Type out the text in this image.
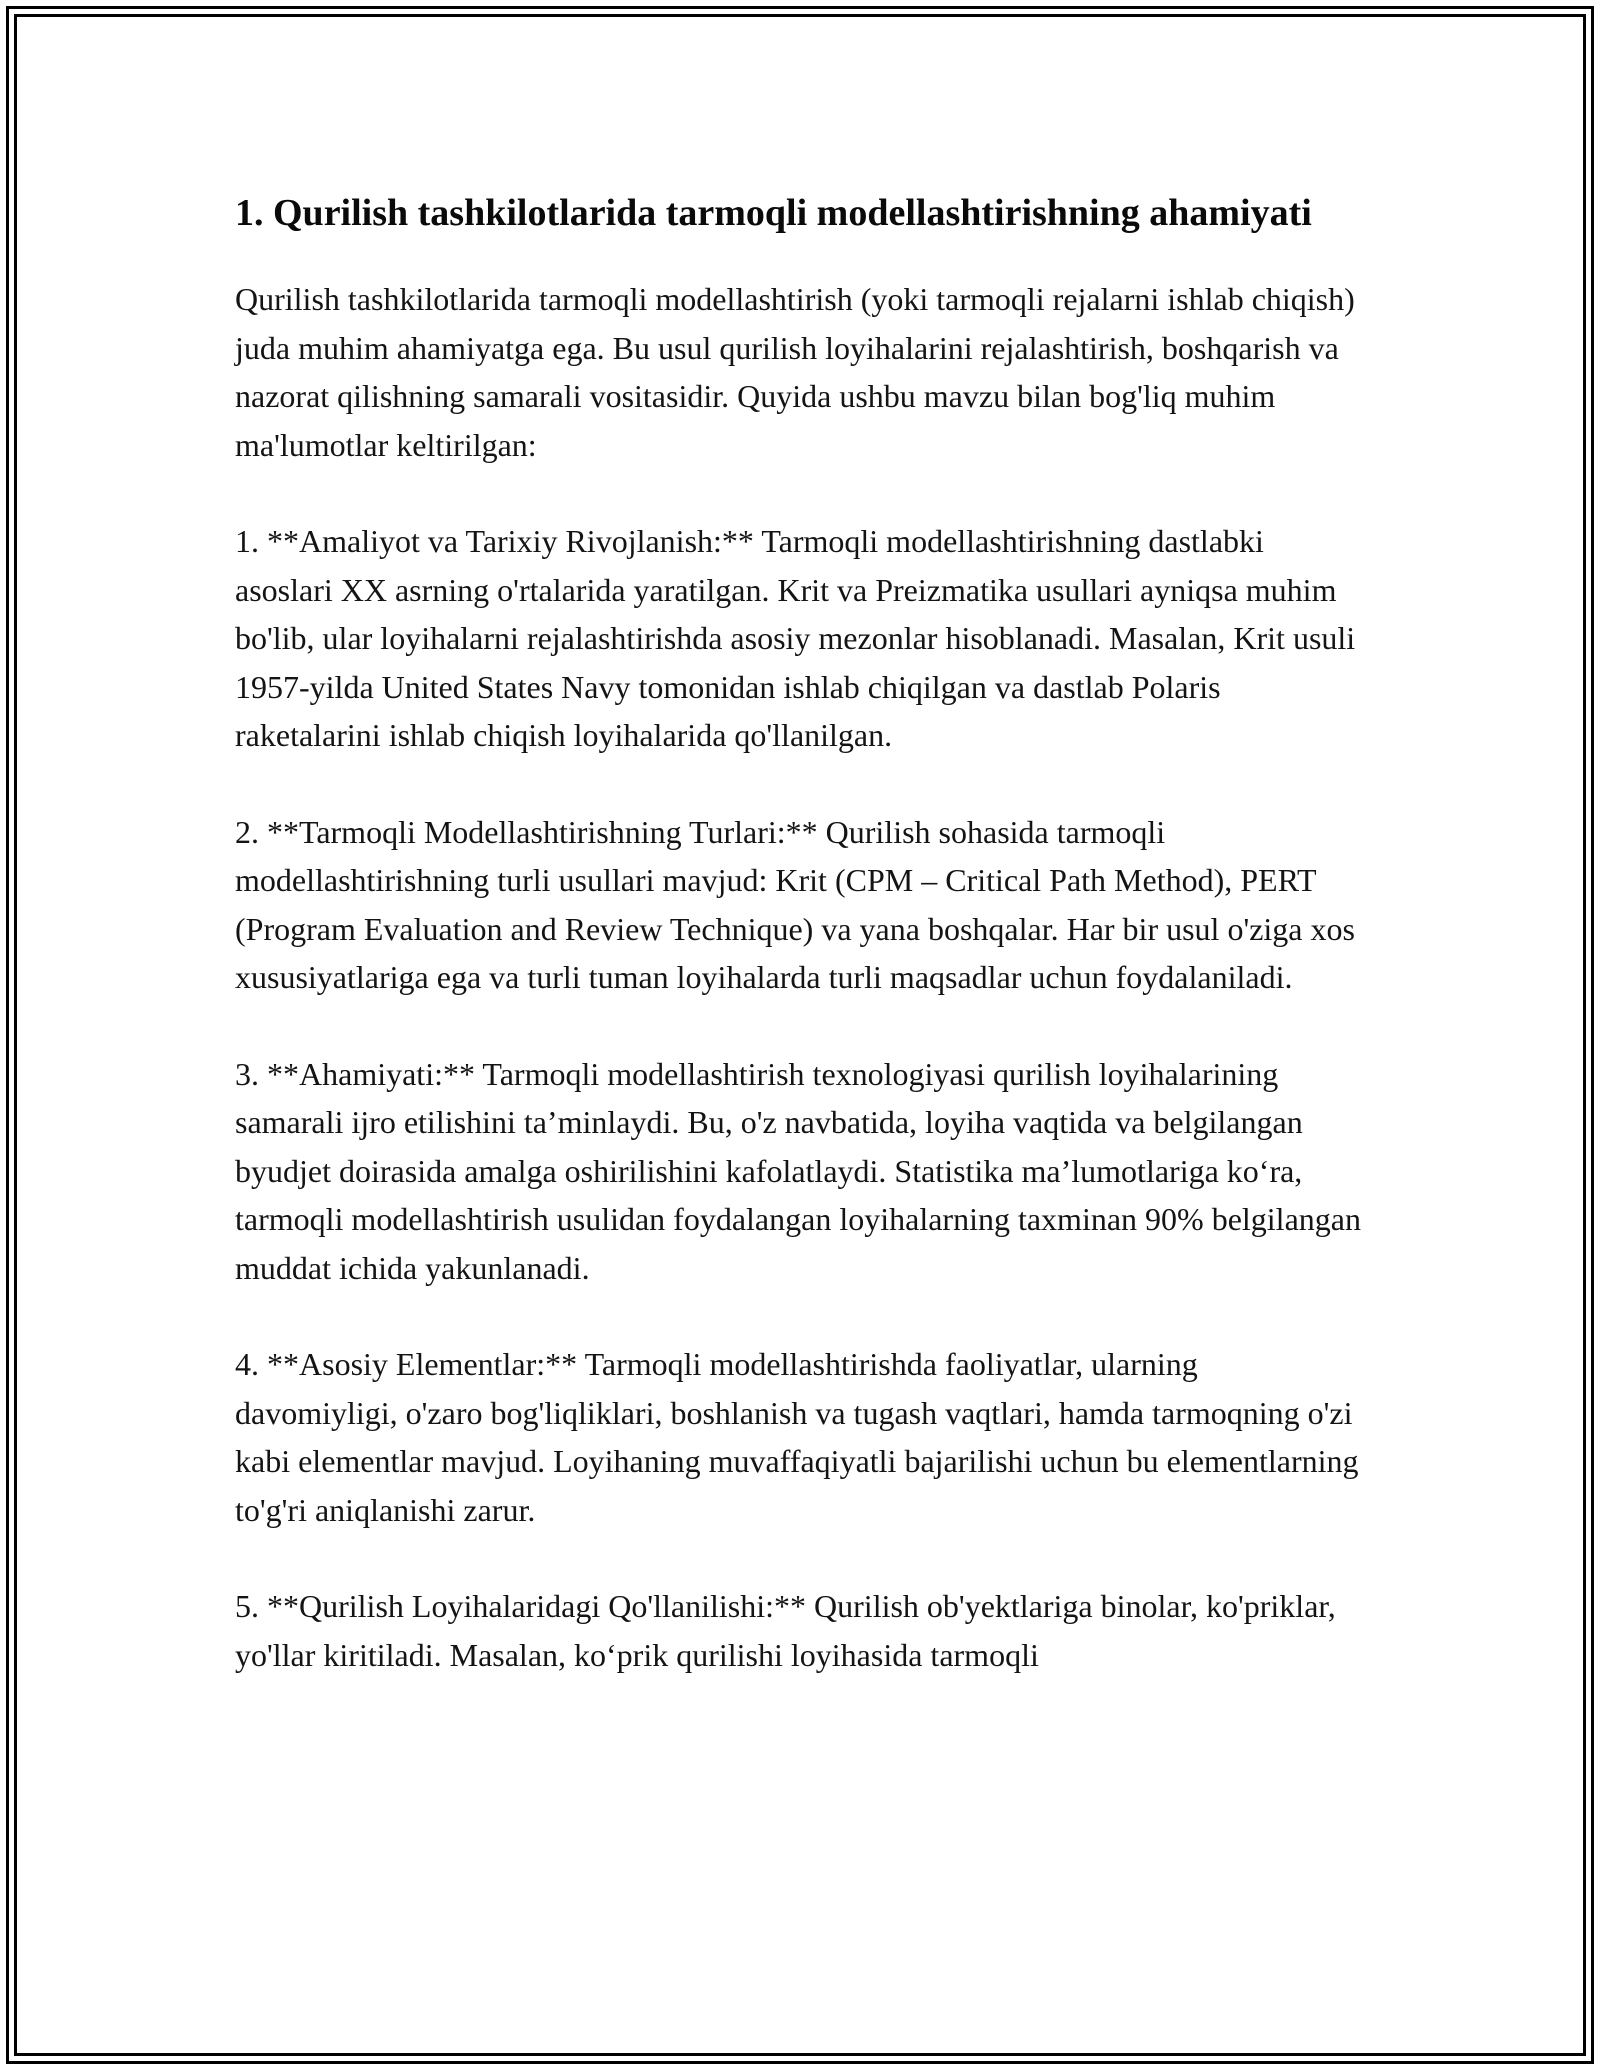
1. Qurilish tashkilotlarida tarmoqli modellashtirishning ahamiyati

Qurilish tashkilotlarida tarmoqli modellashtirish (yoki tarmoqli rejalarni ishlab chiqish) juda muhim ahamiyatga ega. Bu usul qurilish loyihalarini rejalashtirish, boshqarish va nazorat qilishning samarali vositasidir. Quyida ushbu mavzu bilan bog'liq muhim ma'lumotlar keltirilgan:

1. **Amaliyot va Tarixiy Rivojlanish:** Tarmoqli modellashtirishning dastlabki asoslari XX asrning o'rtalarida yaratilgan. Krit va Preizmatika usullari ayniqsa muhim bo'lib, ular loyihalarni rejalashtirishda asosiy mezonlar hisoblanadi. Masalan, Krit usuli 1957-yilda United States Navy tomonidan ishlab chiqilgan va dastlab Polaris raketalarini ishlab chiqish loyihalarida qo'llanilgan.

2. **Tarmoqli Modellashtirishning Turlari:** Qurilish sohasida tarmoqli modellashtirishning turli usullari mavjud: Krit (CPM – Critical Path Method), PERT (Program Evaluation and Review Technique) va yana boshqalar. Har bir usul o'ziga xos xususiyatlariga ega va turli tuman loyihalarda turli maqsadlar uchun foydalaniladi.

3. **Ahamiyati:** Tarmoqli modellashtirish texnologiyasi qurilish loyihalarining samarali ijro etilishini ta’minlaydi. Bu, o'z navbatida, loyiha vaqtida va belgilangan byudjet doirasida amalga oshirilishini kafolatlaydi. Statistika ma’lumotlariga ko‘ra, tarmoqli modellashtirish usulidan foydalangan loyihalarning taxminan 90% belgilangan muddat ichida yakunlanadi.

4. **Asosiy Elementlar:** Tarmoqli modellashtirishda faoliyatlar, ularning davomiyligi, o'zaro bog'liqliklari, boshlanish va tugash vaqtlari, hamda tarmoqning o'zi kabi elementlar mavjud. Loyihaning muvaffaqiyatli bajarilishi uchun bu elementlarning to'g'ri aniqlanishi zarur.

5. **Qurilish Loyihalaridagi Qo'llanilishi:** Qurilish ob'yektlariga binolar, ko'priklar, yo'llar kiritiladi. Masalan, ko‘prik qurilishi loyihasida tarmoqli
